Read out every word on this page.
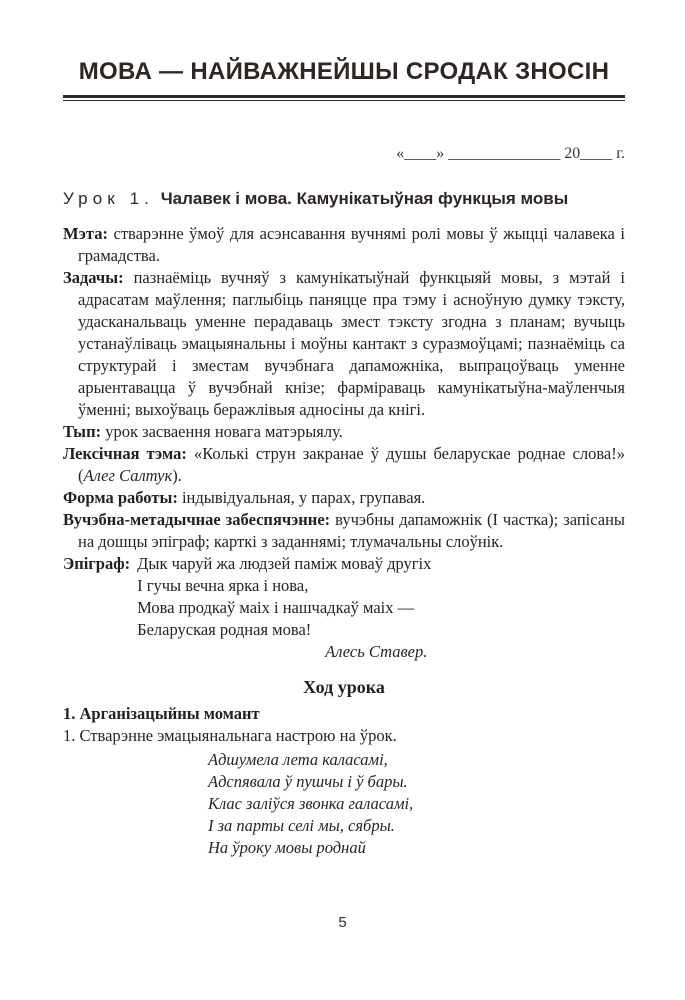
МОВА — НАЙВАЖНЕЙШЫ СРОДАК ЗНОСІН
«____» ______________ 20____ г.
Урок 1. Чалавек і мова. Камунікатыўная функцыя мовы

Мэта: стварэнне ўмоў для асэнсавання вучнямі ролі мовы ў жыцці чалавека і грамадства.

Задачы: пазнаёміць вучняў з камунікатыўнай функцыяй мовы, з мэтай і адрасатам маўлення; паглыбіць паняцце пра тэму і асноўную думку тэксту, удасканальваць уменне перадаваць змест тэксту згодна з планам; вучыць устанаўліваць эмацыянальны і моўны кантакт з суразмоўцамі; пазнаёміць са структурай і зместам вучэбнага дапаможніка, выпрацоўваць уменне арыентавацца ў вучэбнай кнізе; фарміраваць камунікатыўна-маўленчыя ўменні; выхоўваць беражлівыя адносіны да кнігі.

Тып: урок засваення новага матэрыялу.

Лексічная тэма: «Колькі струн закранае ў душы беларускае роднае слова!» (Алег Салтук).

Форма работы: індывідуальная, у парах, групавая.

Вучэбна-метадычнае забеспячэнне: вучэбны дапаможнік (І частка); запісаны на дошцы эпіграф; карткі з заданнямі; тлумачальны слоўнік.

Эпіграф: Дык чаруй жа людзей паміж моваў другіх
І гучы вечна ярка і нова,
Мова продкаў маіх і нашчадкаў маіх —
Беларуская родная мова!
Алесь Ставер.
Ход урока

1. Арганізацыйны момант

1. Стварэнне эмацыянальнага настрою на ўрок.

Адшумела лета каласамі,
Адспявала ў пушчы і ў бары.
Клас заліўся звонка галасамі,
І за парты селі мы, сябры.
На ўроку мовы роднай
5
